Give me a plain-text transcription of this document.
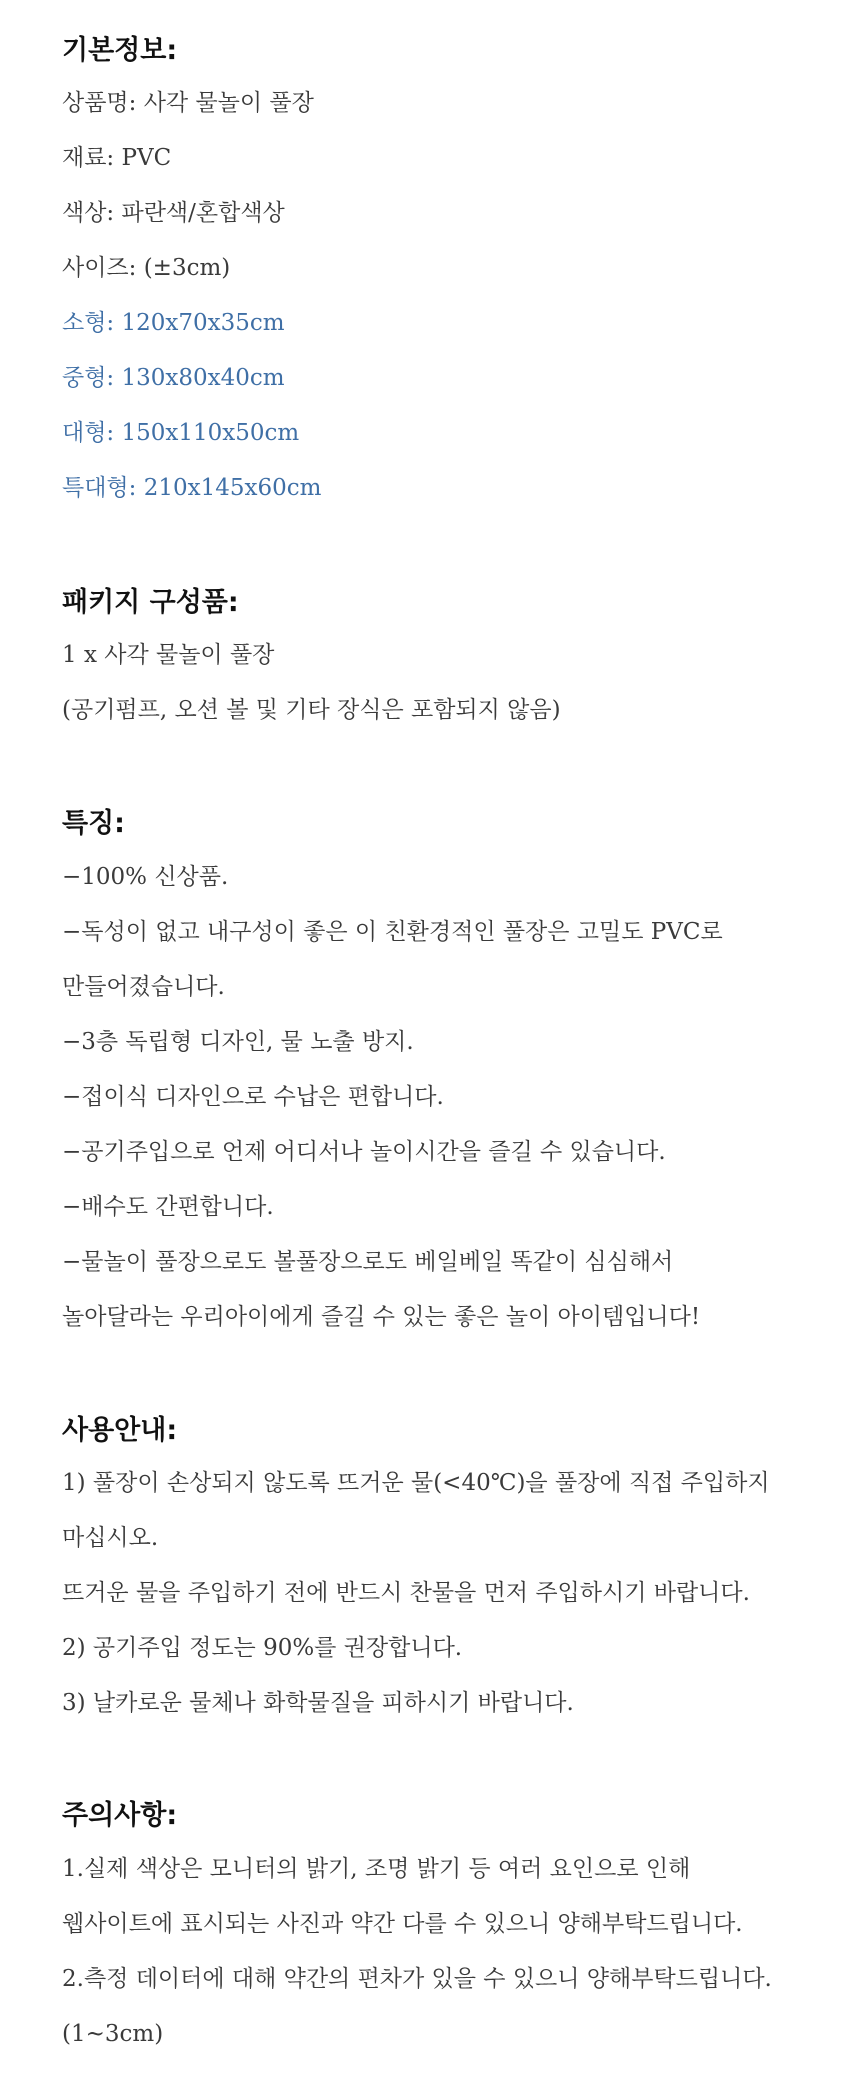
기본정보:

상품명: 사각 물놀이 풀장

재료: PVC

색상: 파란색/혼합색상

사이즈: (±3cm)

소형: 120x70x35cm

중형: 130x80x40cm

대형: 150x110x50cm

특대형: 210x145x60cm

패키지 구성품:

1 x 사각 물놀이 풀장

(공기펌프, 오션 볼 및 기타 장식은 포함되지 않음)

특징:

−100% 신상품.

−독성이 없고 내구성이 좋은 이 친환경적인 풀장은 고밀도 PVC로

만들어졌습니다.

−3층 독립형 디자인, 물 노출 방지.

−접이식 디자인으로 수납은 편합니다.

−공기주입으로 언제 어디서나 놀이시간을 즐길 수 있습니다.

−배수도 간편합니다.

−물놀이 풀장으로도 볼풀장으로도 베일베일 똑같이 심심해서

놀아달라는 우리아이에게 즐길 수 있는 좋은 놀이 아이템입니다!

사용안내:

1) 풀장이 손상되지 않도록 뜨거운 물(<40℃)을 풀장에 직접 주입하지

마십시오.

뜨거운 물을 주입하기 전에 반드시 찬물을 먼저 주입하시기 바랍니다.

2) 공기주입 정도는 90%를 권장합니다.

3) 날카로운 물체나 화학물질을 피하시기 바랍니다.

주의사항:

1.실제 색상은 모니터의 밝기, 조명 밝기 등 여러 요인으로 인해

웹사이트에 표시되는 사진과 약간 다를 수 있으니 양해부탁드립니다.

2.측정 데이터에 대해 약간의 편차가 있을 수 있으니 양해부탁드립니다.

(1~3cm)
